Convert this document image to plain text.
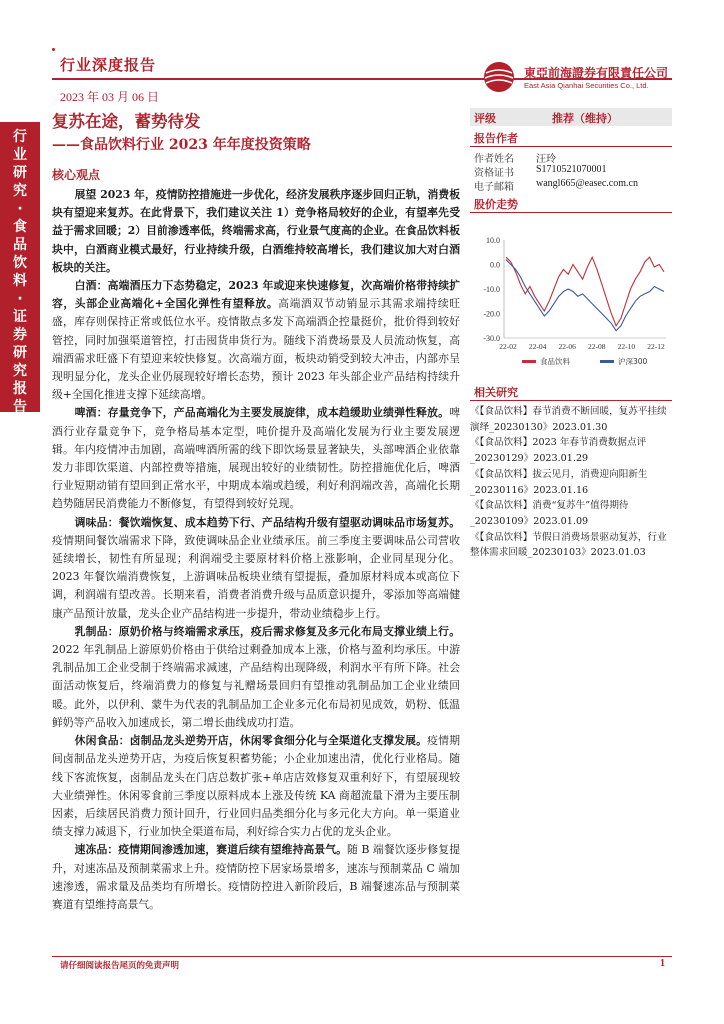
行业深度报告
2023 年 03 月 06 日
東亞前海證券有限責任公司
East Asia Qianhai Securities Co., Ltd.
行
业
研
究
·
食
品
饮
料
·
证
券
研
究
报
告
复苏在途，蓄势待发
——食品饮料行业 2023 年年度投资策略
核心观点

展望 2023 年，疫情防控措施进一步优化，经济发展秩序逐步回归正轨，消费板块有望迎来复苏。在此背景下，我们建议关注 1）竞争格局较好的企业，有望率先受益于需求回暖；2）目前渗透率低，终端需求高，行业景气度高的企业。在食品饮料板块中，白酒商业模式最好，行业持续升级，白酒维持较高增长，我们建议加大对白酒板块的关注。

白酒：高端酒压力下态势稳定，2023 年或迎来快速修复，次高端价格带持续扩容，头部企业高端化+全国化弹性有望释放。高端酒双节动销显示其需求端持续旺盛，库存则保持正常或低位水平。疫情散点多发下高端酒企控量挺价，批价得到较好管控，同时加强渠道管控，打击囤货串货行为。随线下消费场景及人员流动恢复，高端酒需求旺盛下有望迎来较快修复。次高端方面，板块动销受到较大冲击，内部亦呈现明显分化，龙头企业仍展现较好增长态势，预计 2023 年头部企业产品结构持续升级+全国化推进支撑下延续高增。

啤酒：存量竞争下，产品高端化为主要发展旋律，成本趋缓助业绩弹性释放。啤酒行业存量竞争下，竞争格局基本定型，吨价提升及高端化发展为行业主要发展逻辑。年内疫情冲击加剧，高端啤酒所需的线下即饮场景显著缺失，头部啤酒企业依靠发力非即饮渠道、内部控费等措施，展现出较好的业绩韧性。防控措施优化后，啤酒行业短期动销有望回到正常水平，中期成本端或趋缓，利好利润端改善，高端化长期趋势随居民消费能力不断修复，有望得到较好兑现。

调味品：餐饮端恢复、成本趋势下行、产品结构升级有望驱动调味品市场复苏。疫情期间餐饮端需求下降，致使调味品企业业绩承压。前三季度主要调味品公司营收延续增长，韧性有所显现；利润端受主要原材料价格上涨影响，企业同星现分化。2023 年餐饮端消费恢复，上游调味品板块业绩有望提振，叠加原材料成本或高位下调，利润端有望改善。长期来看，消费者消费升级与品质意识提升，零添加等高端健康产品预计放量，龙头企业产品结构进一步提升，带动业绩稳步上行。

乳制品：原奶价格与终端需求承压，疫后需求修复及多元化布局支撑业绩上行。2022 年乳制品上游原奶价格由于供给过剩叠加成本上涨，价格与盈利均承压。中游乳制品加工企业受制于终端需求减速，产品结构出现降级，利润水平有所下降。社会面活动恢复后，终端消费力的修复与礼赠场景回归有望推动乳制品加工企业业绩回暖。此外，以伊利、蒙牛为代表的乳制品加工企业多元化布局初见成效，奶粉、低温鲜奶等产品收入加速成长，第二增长曲线成功打造。

休闲食品：卤制品龙头逆势开店，休闲零食细分化与全渠道化支撑发展。疫情期间卤制品龙头逆势开店，为疫后恢复积蓄势能；小企业加速出清，优化行业格局。随线下客流恢复，卤制品龙头在门店总数扩张+单店店效修复双重利好下，有望展现较大业绩弹性。休闲零食前三季度以原料成本上涨及传统 KA 商超流量下滑为主要压制因素，后续居民消费力预计回升，行业回归品类细分化与多元化大方向。单一渠道业绩支撑力减退下，行业加快全渠道布局，利好综合实力占优的龙头企业。

速冻品：疫情期间渗透加速，赛道后续有望维持高景气。随 B 端餐饮逐步修复提升，对速冻品及预制菜需求上升。疫情防控下居家场景增多，速冻与预制菜品 C 端加速渗透，需求量及品类均有所增长。疫情防控进入新阶段后，B 端餐速冻品与预制菜赛道有望维持高景气。

评级	推荐（维持）
报告作者
作者姓名	汪玲
资格证书	S1710521070001
电子邮箱	wangl665@easec.com.cn
股价走势
10.0
0.0
-10.0
-20.0
-30.0
22-02 22-04 22-06 22-08 22-10 22-12
食品饮料	沪深300
相关研究
《【食品饮料】春节消费不断回暖，复苏平挂续演绎_20230130》2023.01.30
《【食品饮料】2023 年春节消费数据点评_20230129》2023.01.29
《【食品饮料】拔云见月，消费迎向阳新生_20230116》2023.01.16
《【食品饮料】消费“复苏牛”值得期待_20230109》2023.01.09
《【食品饮料】节假日消费场景驱动复苏，行业整体需求回暖_20230103》2023.01.03
请仔细阅读报告尾页的免责声明	1
